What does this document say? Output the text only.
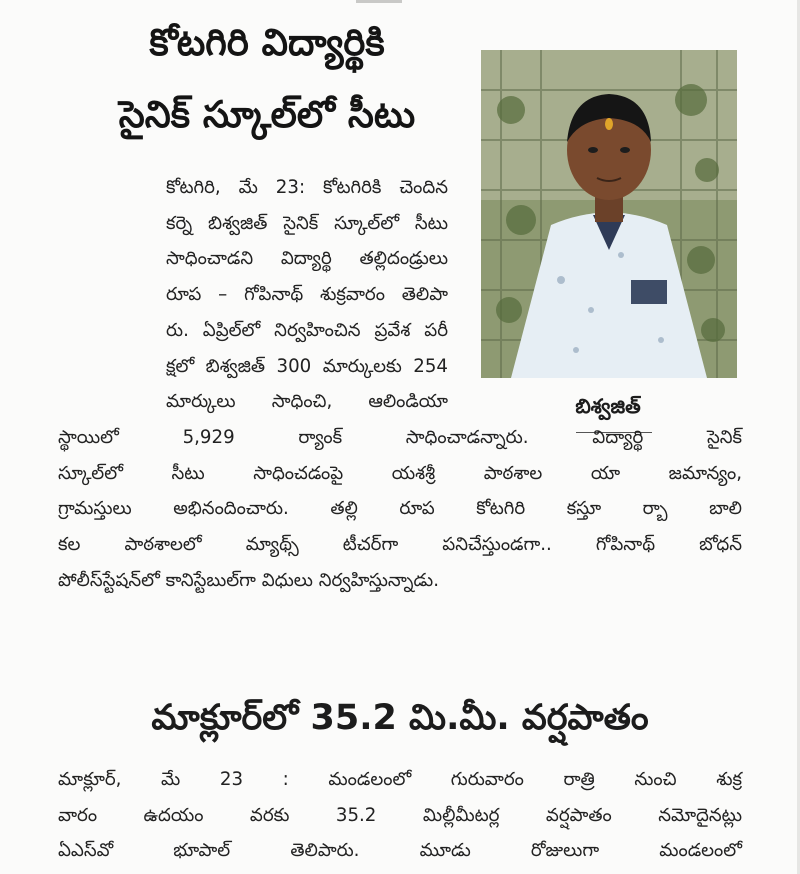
కోటగిరి విద్యార్థికి
సైనిక్ స్కూల్‌లో సీటు
బిశ్వజిత్

కోటగిరి, మే 23: కోటగిరికి చెందిన

కర్నె బిశ్వజిత్ సైనిక్ స్కూల్‌లో సీటు

సాధించాడని విద్యార్థి తల్లిదండ్రులు

రూప – గోపినాథ్ శుక్రవారం తెలిపా

రు. ఏప్రిల్‌లో నిర్వహించిన ప్రవేశ పరీ

క్షలో బిశ్వజిత్ 300 మార్కులకు 254

మార్కులు సాధించి, ఆలిండియా

స్థాయిలో 5,929 ర్యాంక్ సాధించాడన్నారు. విద్యార్థి సైనిక్

స్కూల్‌లో సీటు సాధించడంపై యశశ్రీ పాఠశాల యా జమాన్యం,

గ్రామస్తులు అభినందించారు. తల్లి రూప కోటగిరి కస్తూ ర్బా బాలి

కల పాఠశాలలో మ్యాథ్స్ టీచర్‌గా పనిచేస్తుండగా.. గోపినాథ్ బోధన్

పోలీస్‌స్టేషన్‌లో కానిస్టేబుల్‌గా విధులు నిర్వహిస్తున్నాడు.

మాక్లూర్‌లో 35.2 మి.మీ. వర్షపాతం

మాక్లూర్, మే 23 : మండలంలో గురువారం రాత్రి నుంచి శుక్ర

వారం ఉదయం వరకు 35.2 మిల్లీమీటర్ల వర్షపాతం నమోదైనట్లు

ఏఎస్‌వో భూపాల్ తెలిపారు. మూడు రోజులుగా మండలంలో
